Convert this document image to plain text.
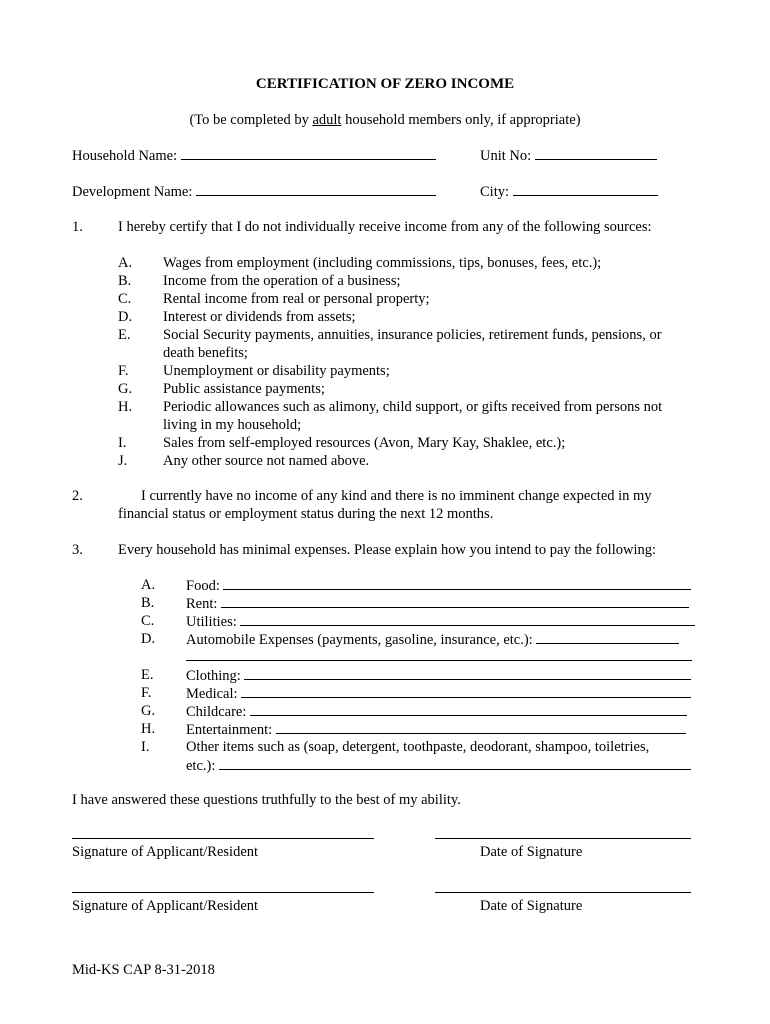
CERTIFICATION OF ZERO INCOME
(To be completed by adult household members only, if appropriate)
Household Name:	Unit No:
Development Name:	City:
1. I hereby certify that I do not individually receive income from any of the following sources:
A. Wages from employment (including commissions, tips, bonuses, fees, etc.);
B. Income from the operation of a business;
C. Rental income from real or personal property;
D. Interest or dividends from assets;
E. Social Security payments, annuities, insurance policies, retirement funds, pensions, or
death benefits;
F. Unemployment or disability payments;
G. Public assistance payments;
H. Periodic allowances such as alimony, child support, or gifts received from persons not
living in my household;
I.	Sales from self-employed resources (Avon, Mary Kay, Shaklee, etc.);
J. Any other source not named above.
2.	I currently have no income of any kind and there is no imminent change expected in my
financial status or employment status during the next 12 months.
3. Every household has minimal expenses. Please explain how you intend to pay the following:
A. Food:
B. Rent:
C. Utilities:
D. Automobile Expenses (payments, gasoline, insurance, etc.):
E. Clothing:
F. Medical:
G. Childcare:
H. Entertainment:
I.	Other items such as (soap, detergent, toothpaste, deodorant, shampoo, toiletries,
etc.):
I have answered these questions truthfully to the best of my ability.
Signature of Applicant/Resident	Date of Signature
Signature of Applicant/Resident	Date of Signature
Mid-KS CAP 8-31-2018
